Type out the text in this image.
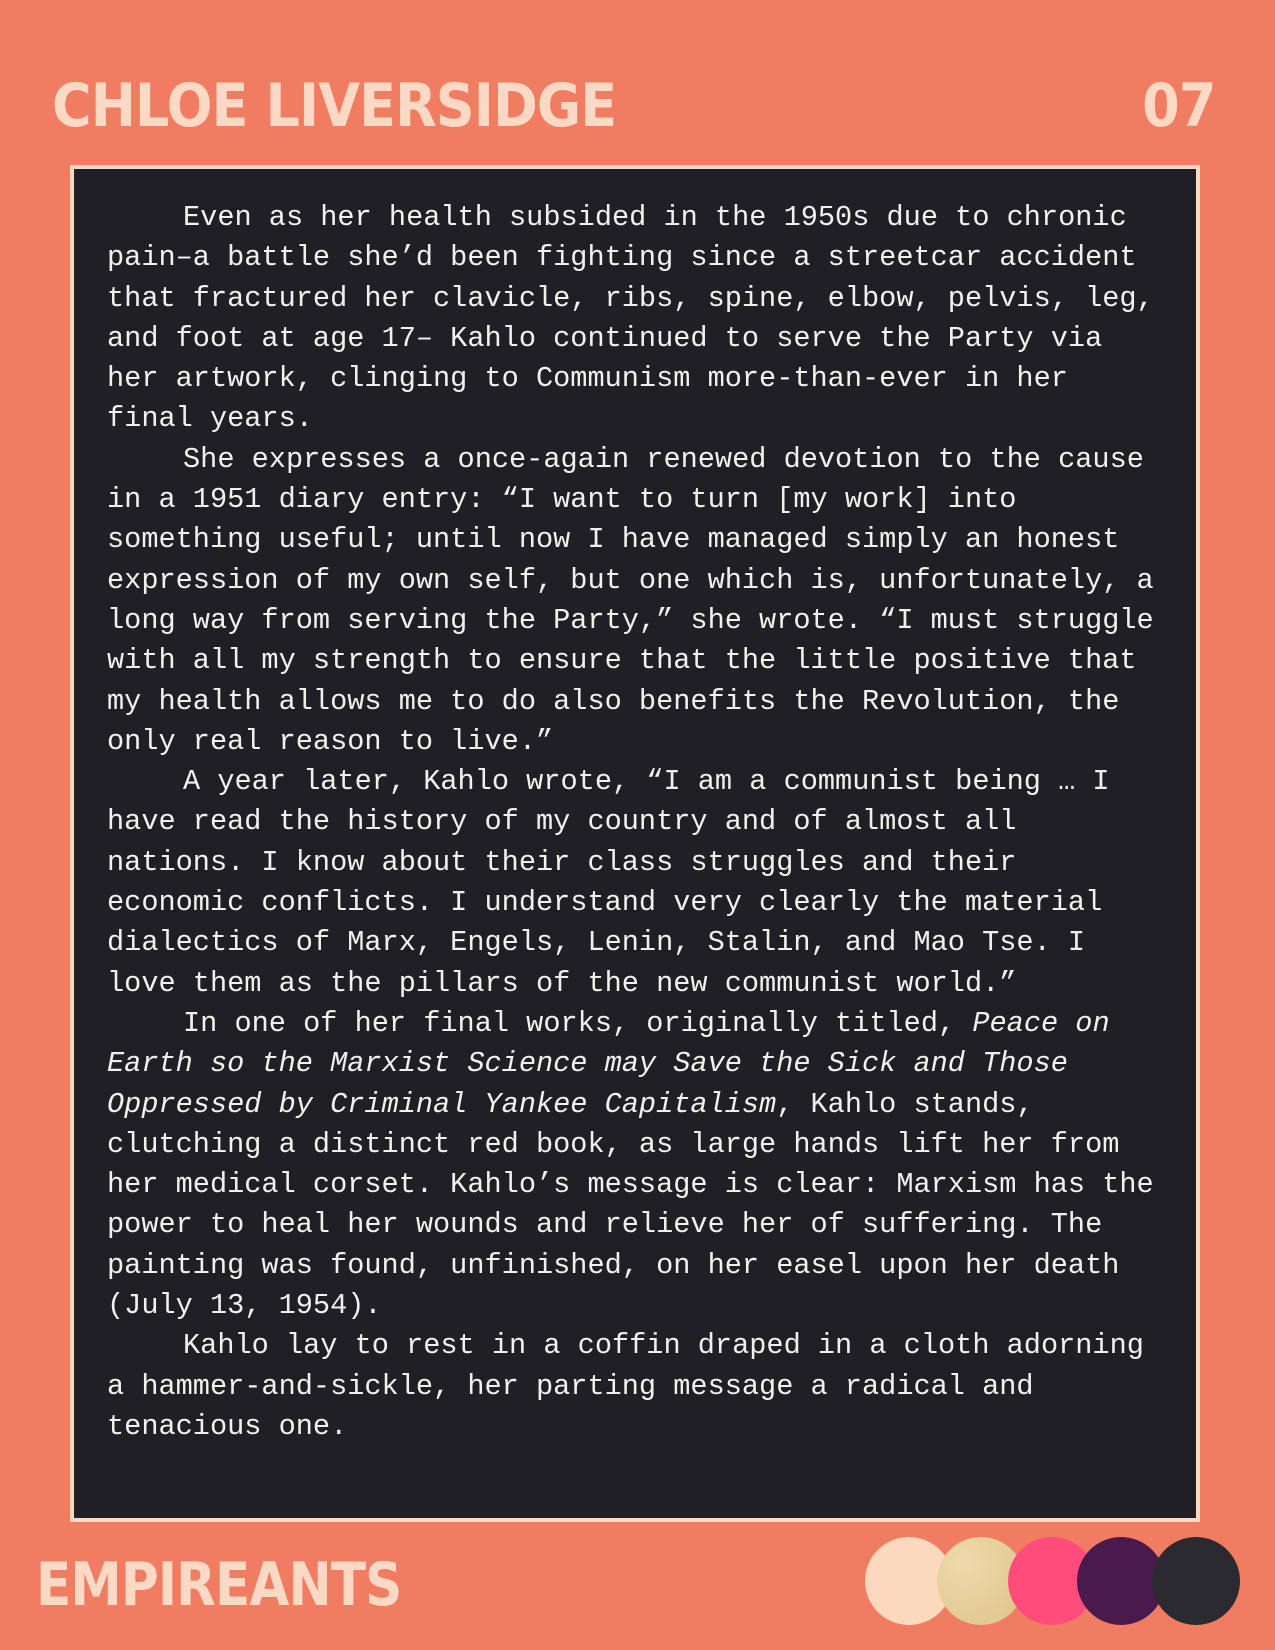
CHLOE LIVERSIDGE	07

Even as her health subsided in the 1950s due to chronic pain–a battle she’d been fighting since a streetcar accident that fractured her clavicle, ribs, spine, elbow, pelvis, leg, and foot at age 17– Kahlo continued to serve the Party via her artwork, clinging to Communism more-than-ever in her final years.

She expresses a once-again renewed devotion to the cause in a 1951 diary entry: “I want to turn [my work] into something useful; until now I have managed simply an honest expression of my own self, but one which is, unfortunately, a long way from serving the Party,” she wrote. “I must struggle with all my strength to ensure that the little positive that my health allows me to do also benefits the Revolution, the only real reason to live.”

A year later, Kahlo wrote, “I am a communist being … I have read the history of my country and of almost all nations. I know about their class struggles and their economic conflicts. I understand very clearly the material dialectics of Marx, Engels, Lenin, Stalin, and Mao Tse. I love them as the pillars of the new communist world.”

In one of her final works, originally titled, Peace on Earth so the Marxist Science may Save the Sick and Those Oppressed by Criminal Yankee Capitalism, Kahlo stands, clutching a distinct red book, as large hands lift her from her medical corset. Kahlo’s message is clear: Marxism has the power to heal her wounds and relieve her of suffering. The painting was found, unfinished, on her easel upon her death (July 13, 1954).

Kahlo lay to rest in a coffin draped in a cloth adorning a hammer-and-sickle, her parting message a radical and tenacious one.

EMPIREANTS
